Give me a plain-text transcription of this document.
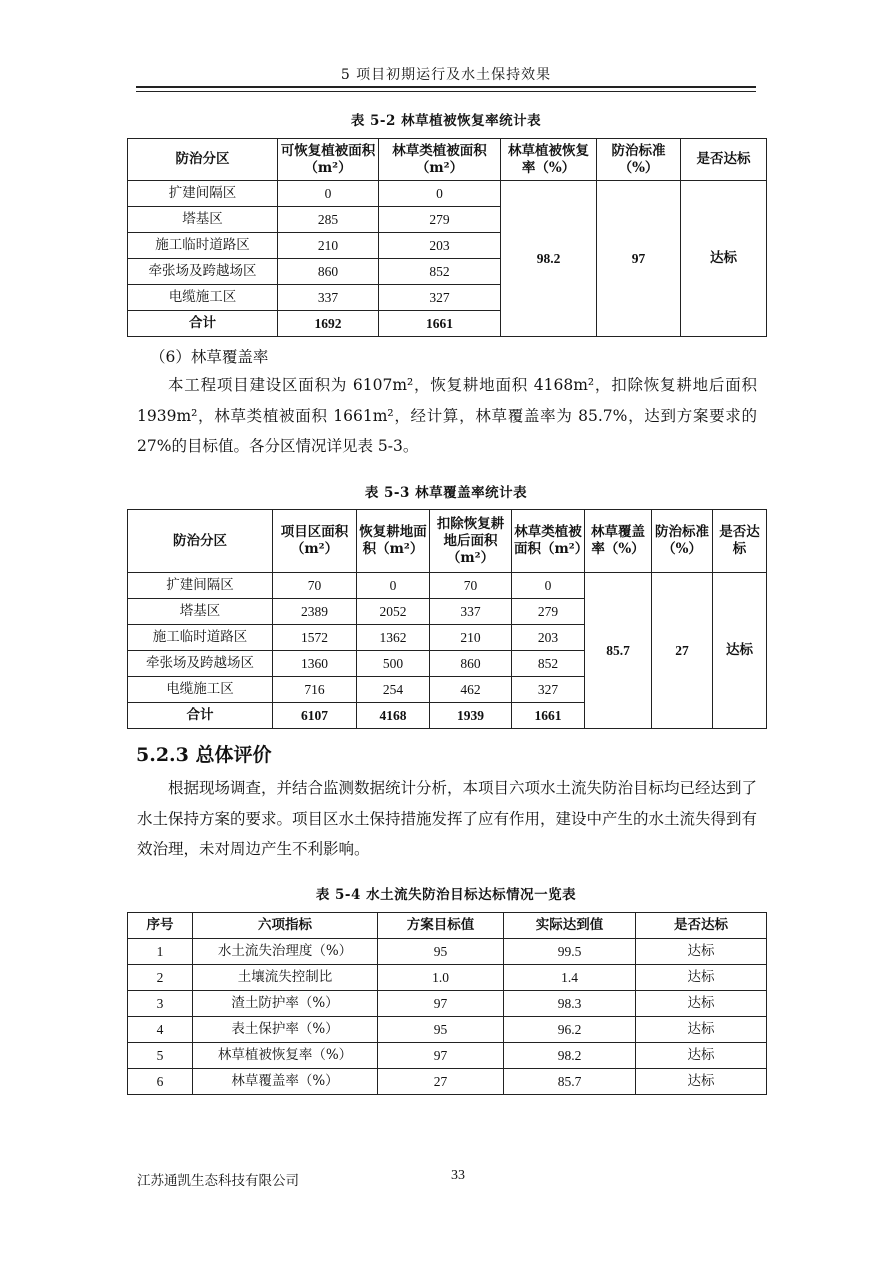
5 项目初期运行及水土保持效果
表 5-2 林草植被恢复率统计表
防治分区	可恢复植被面积（m²）	林草类植被面积（m²）	林草植被恢复率（%）	防治标准（%）	是否达标
扩建间隔区	0	0	98.2	97	达标
塔基区	285	279			
施工临时道路区	210	203			
牵张场及跨越场区	860	852			
电缆施工区	337	327			
合计	1692	1661			
（6）林草覆盖率

本工程项目建设区面积为 6107m²，恢复耕地面积 4168m²，扣除恢复耕地后面积 1939m²，林草类植被面积 1661m²，经计算，林草覆盖率为 85.7%，达到方案要求的 27%的目标值。各分区情况详见表 5-3。

表 5-3 林草覆盖率统计表
防治分区	项目区面积（m²）	恢复耕地面积（m²）	扣除恢复耕地后面积（m²）	林草类植被面积（m²）	林草覆盖率（%）	防治标准（%）	是否达标
扩建间隔区	70	0	70	0	85.7	27	达标
塔基区	2389	2052	337	279			
施工临时道路区	1572	1362	210	203			
牵张场及跨越场区	1360	500	860	852			
电缆施工区	716	254	462	327			
合计	6107	4168	1939	1661			
5.2.3 总体评价

根据现场调查，并结合监测数据统计分析，本项目六项水土流失防治目标均已经达到了水土保持方案的要求。项目区水土保持措施发挥了应有作用，建设中产生的水土流失得到有效治理，未对周边产生不利影响。

表 5-4 水土流失防治目标达标情况一览表
序号	六项指标	方案目标值	实际达到值	是否达标
1	水土流失治理度（%）	95	99.5	达标
2	土壤流失控制比	1.0	1.4	达标
3	渣土防护率（%）	97	98.3	达标
4	表土保护率（%）	95	96.2	达标
5	林草植被恢复率（%）	97	98.2	达标
6	林草覆盖率（%）	27	85.7	达标
江苏通凯生态科技有限公司	33
